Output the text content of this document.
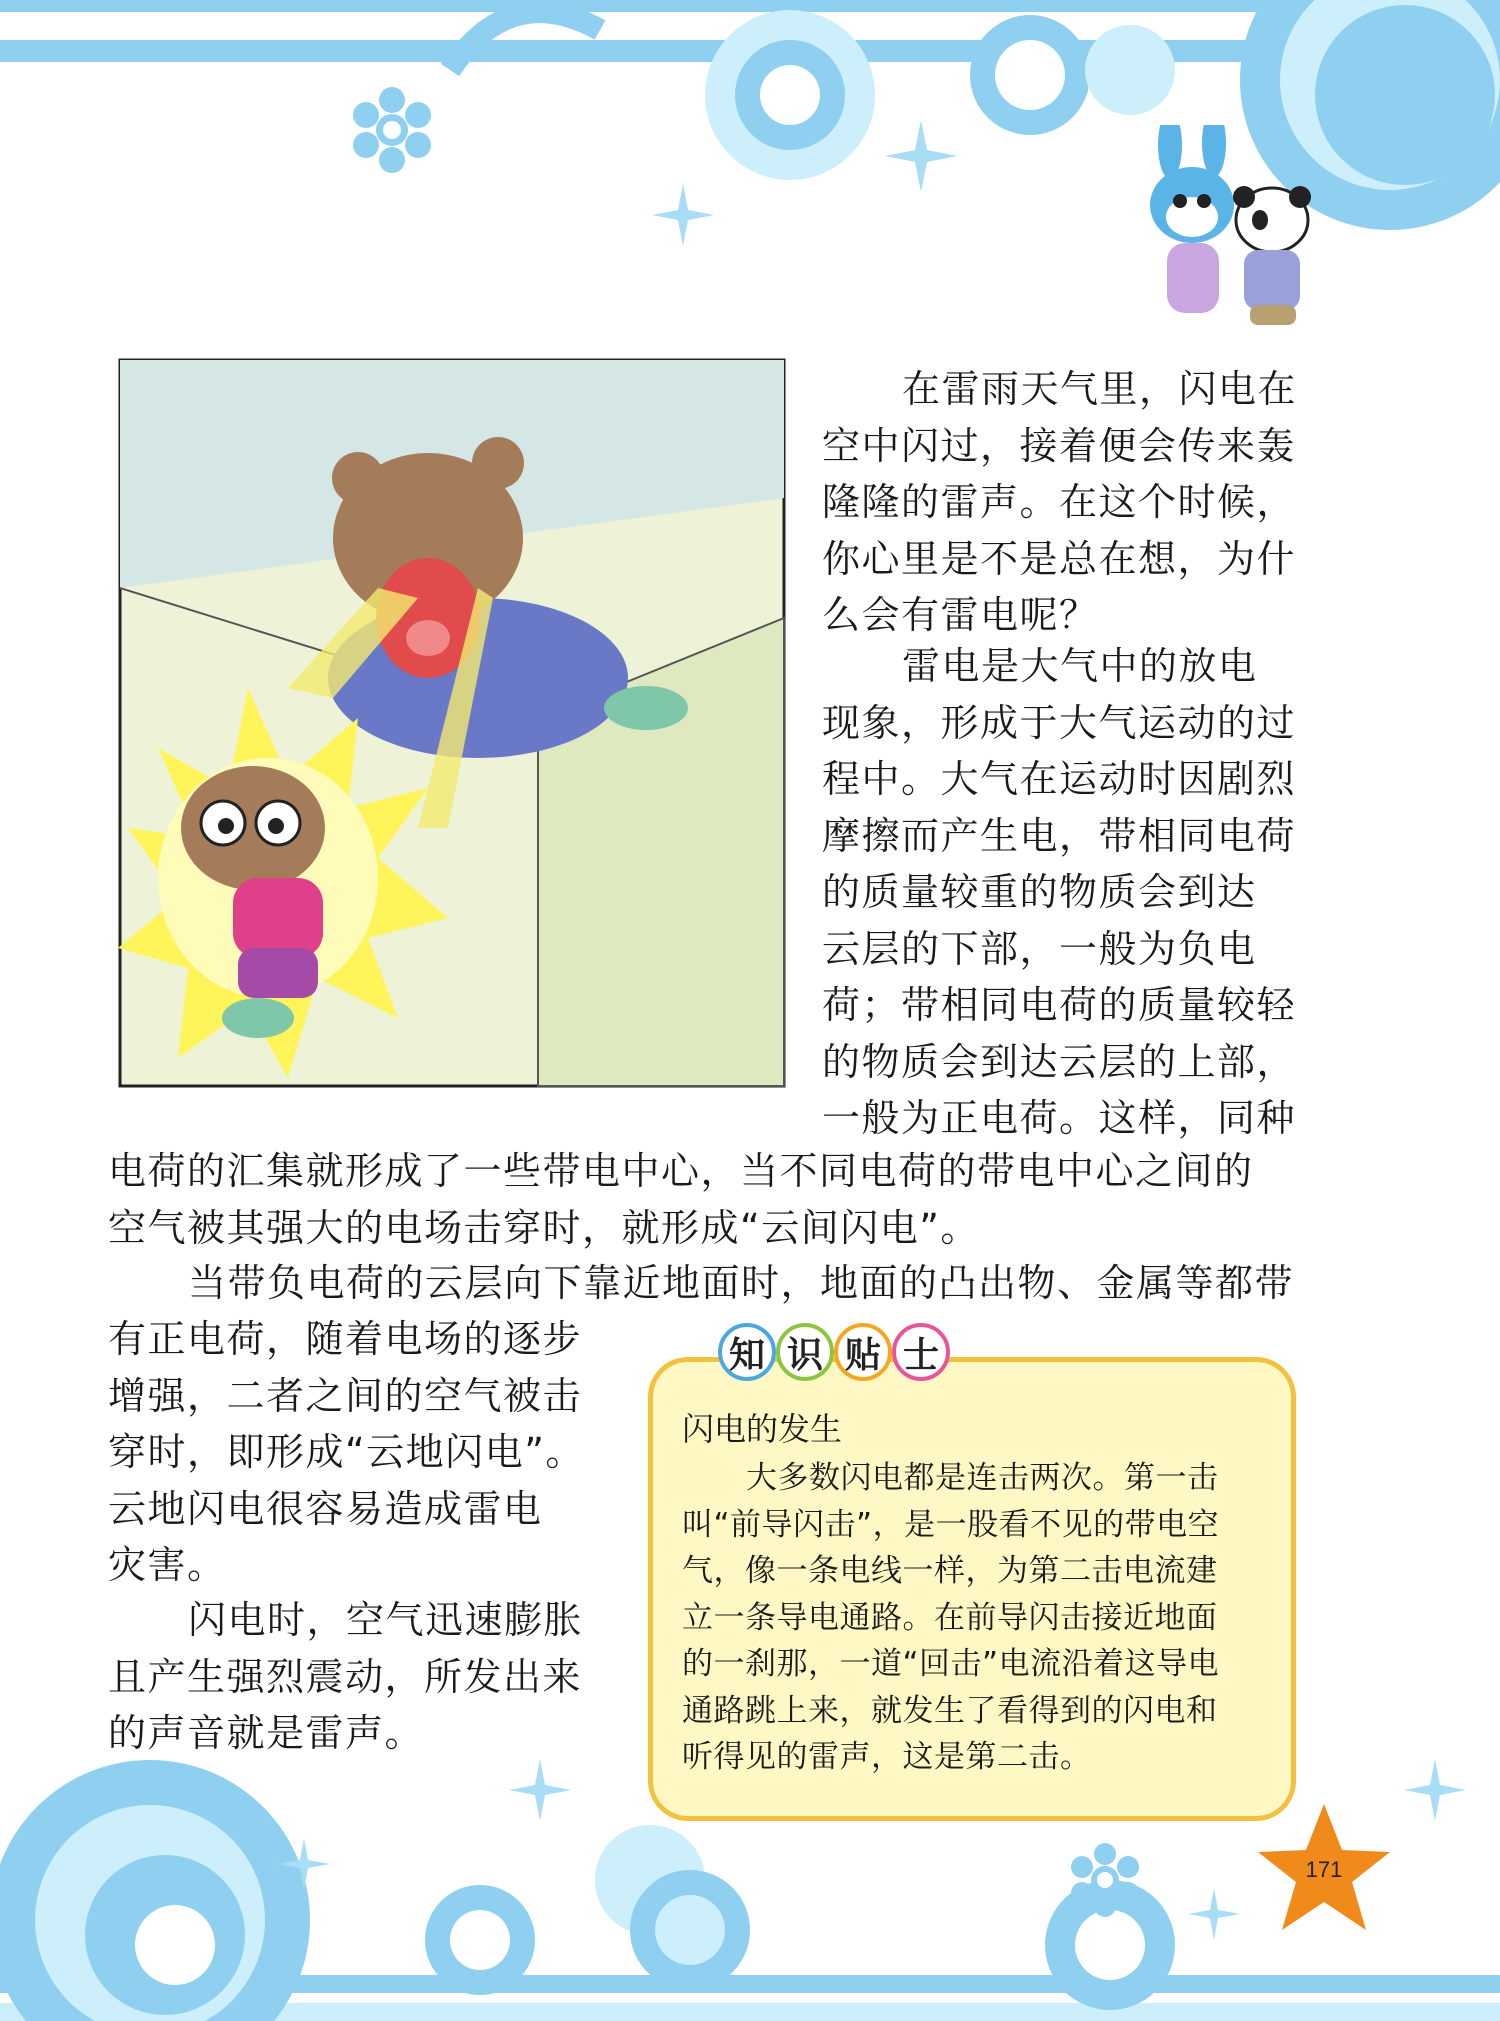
在雷雨天气里，闪电在
空中闪过，接着便会传来轰
隆隆的雷声。在这个时候，
你心里是不是总在想，为什
么会有雷电呢？
雷电是大气中的放电
现象，形成于大气运动的过
程中。大气在运动时因剧烈
摩擦而产生电，带相同电荷
的质量较重的物质会到达
云层的下部，一般为负电
荷；带相同电荷的质量较轻
的物质会到达云层的上部，
一般为正电荷。这样，同种
电荷的汇集就形成了一些带电中心，当不同电荷的带电中心之间的
空气被其强大的电场击穿时，就形成“云间闪电”。
当带负电荷的云层向下靠近地面时，地面的凸出物、金属等都带
有正电荷，随着电场的逐步
增强，二者之间的空气被击
穿时，即形成“云地闪电”。
云地闪电很容易造成雷电
灾害。
闪电时，空气迅速膨胀
且产生强烈震动，所发出来
的声音就是雷声。
知 识 贴 士

闪电的发生

大多数闪电都是连击两次。第一击
叫“前导闪击”，是一股看不见的带电空
气，像一条电线一样，为第二击电流建
立一条导电通路。在前导闪击接近地面
的一刹那，一道“回击”电流沿着这导电
通路跳上来，就发生了看得到的闪电和
听得见的雷声，这是第二击。
171
